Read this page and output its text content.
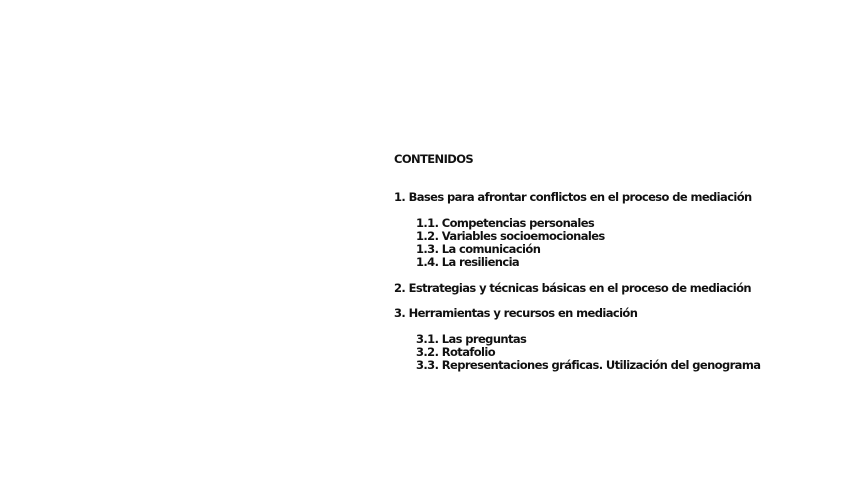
CONTENIDOS
1. Bases para afrontar conflictos en el proceso de mediación
1.1. Competencias personales
1.2. Variables socioemocionales
1.3. La comunicación
1.4. La resiliencia
2. Estrategias y técnicas básicas en el proceso de mediación
3. Herramientas y recursos en mediación
3.1. Las preguntas
3.2. Rotafolio
3.3. Representaciones gráficas. Utilización del genograma
